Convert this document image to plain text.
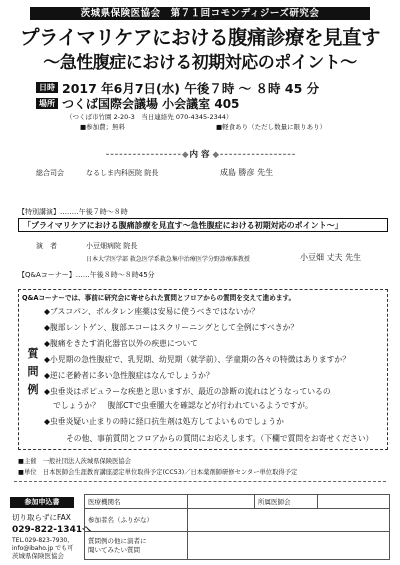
茨城県保険医協会　第７１回コモンディジーズ研究会
プライマリケアにおける腹痛診療を見直す
～急性腹症における初期対応のポイント～
日時 2017 年6月7日(水) 午後７時 ～ ８時 45 分
場所 つくば国際会議場 小会議室 405
（つくば市竹園 2-20-3　当日連絡先 070-4345-2344）
■参加費；無料	■軽食あり（ただし数量に限りあり）
- - - - - - - - - - - - - - - - - ◆ 内 容 ◆ - - - - - - - - - - - - - - - - -
総合司会	なるしま内科医院 院長	成島 勝彦 先生
【特別講演】‥‥‥‥午後７時～８時
「プライマリケアにおける腹痛診療を見直す～急性腹症における初期対応のポイント～」
演　者	小豆畑病院 院長
日本大学医学部 救急医学系救急集中治療医学分野診療准教授	小豆畑 丈夫 先生
【Q&Aコーナー】‥‥‥午後８時～８時45分
Q&Aコーナーでは、事前に研究会に寄せられた質問とフロアからの質問を交えて進めます。
質
問
例
◆ブスコパン、ボルタレン座薬は安易に使うべきではないか？
◆腹部レントゲン、腹部エコーはスクリーニングとして全例にすべきか？
◆腹痛をきたす消化器官以外の疾患について
◆小児期の急性腹症で、乳児期、幼児期（就学前）、学童期の各々の特徴はありますか？
◆逆に老齢者に多い急性腹症はなんでしょうか？
◆虫垂炎はポピュラーな疾患と思いますが、最近の診断の流れはどうなっているの
でしょうか？　腹部CTで虫垂腫大を確認などが行われているようですが。
◆虫垂炎疑い止まりの時に経口抗生剤は処方してよいものでしょうか
その他、事前質問とフロアからの質問にお応えします。（下欄で質問をお寄せください）
■主催　一般社団法人茨城県保険医協会
■単位　日本医師会生涯教育講座認定単位取得予定(CC53)／日本薬剤師研修センター単位取得予定
参加申込書
切り取らずにFAX
029-822-1341へ
TEL.029-823-7930、
info@ibaho.jp でも可
茨城県保険医協会
医療機関名		所属医師会	
参加者名（ふりがな）			

質問例の他に演者に
聞いてみたい質問			
